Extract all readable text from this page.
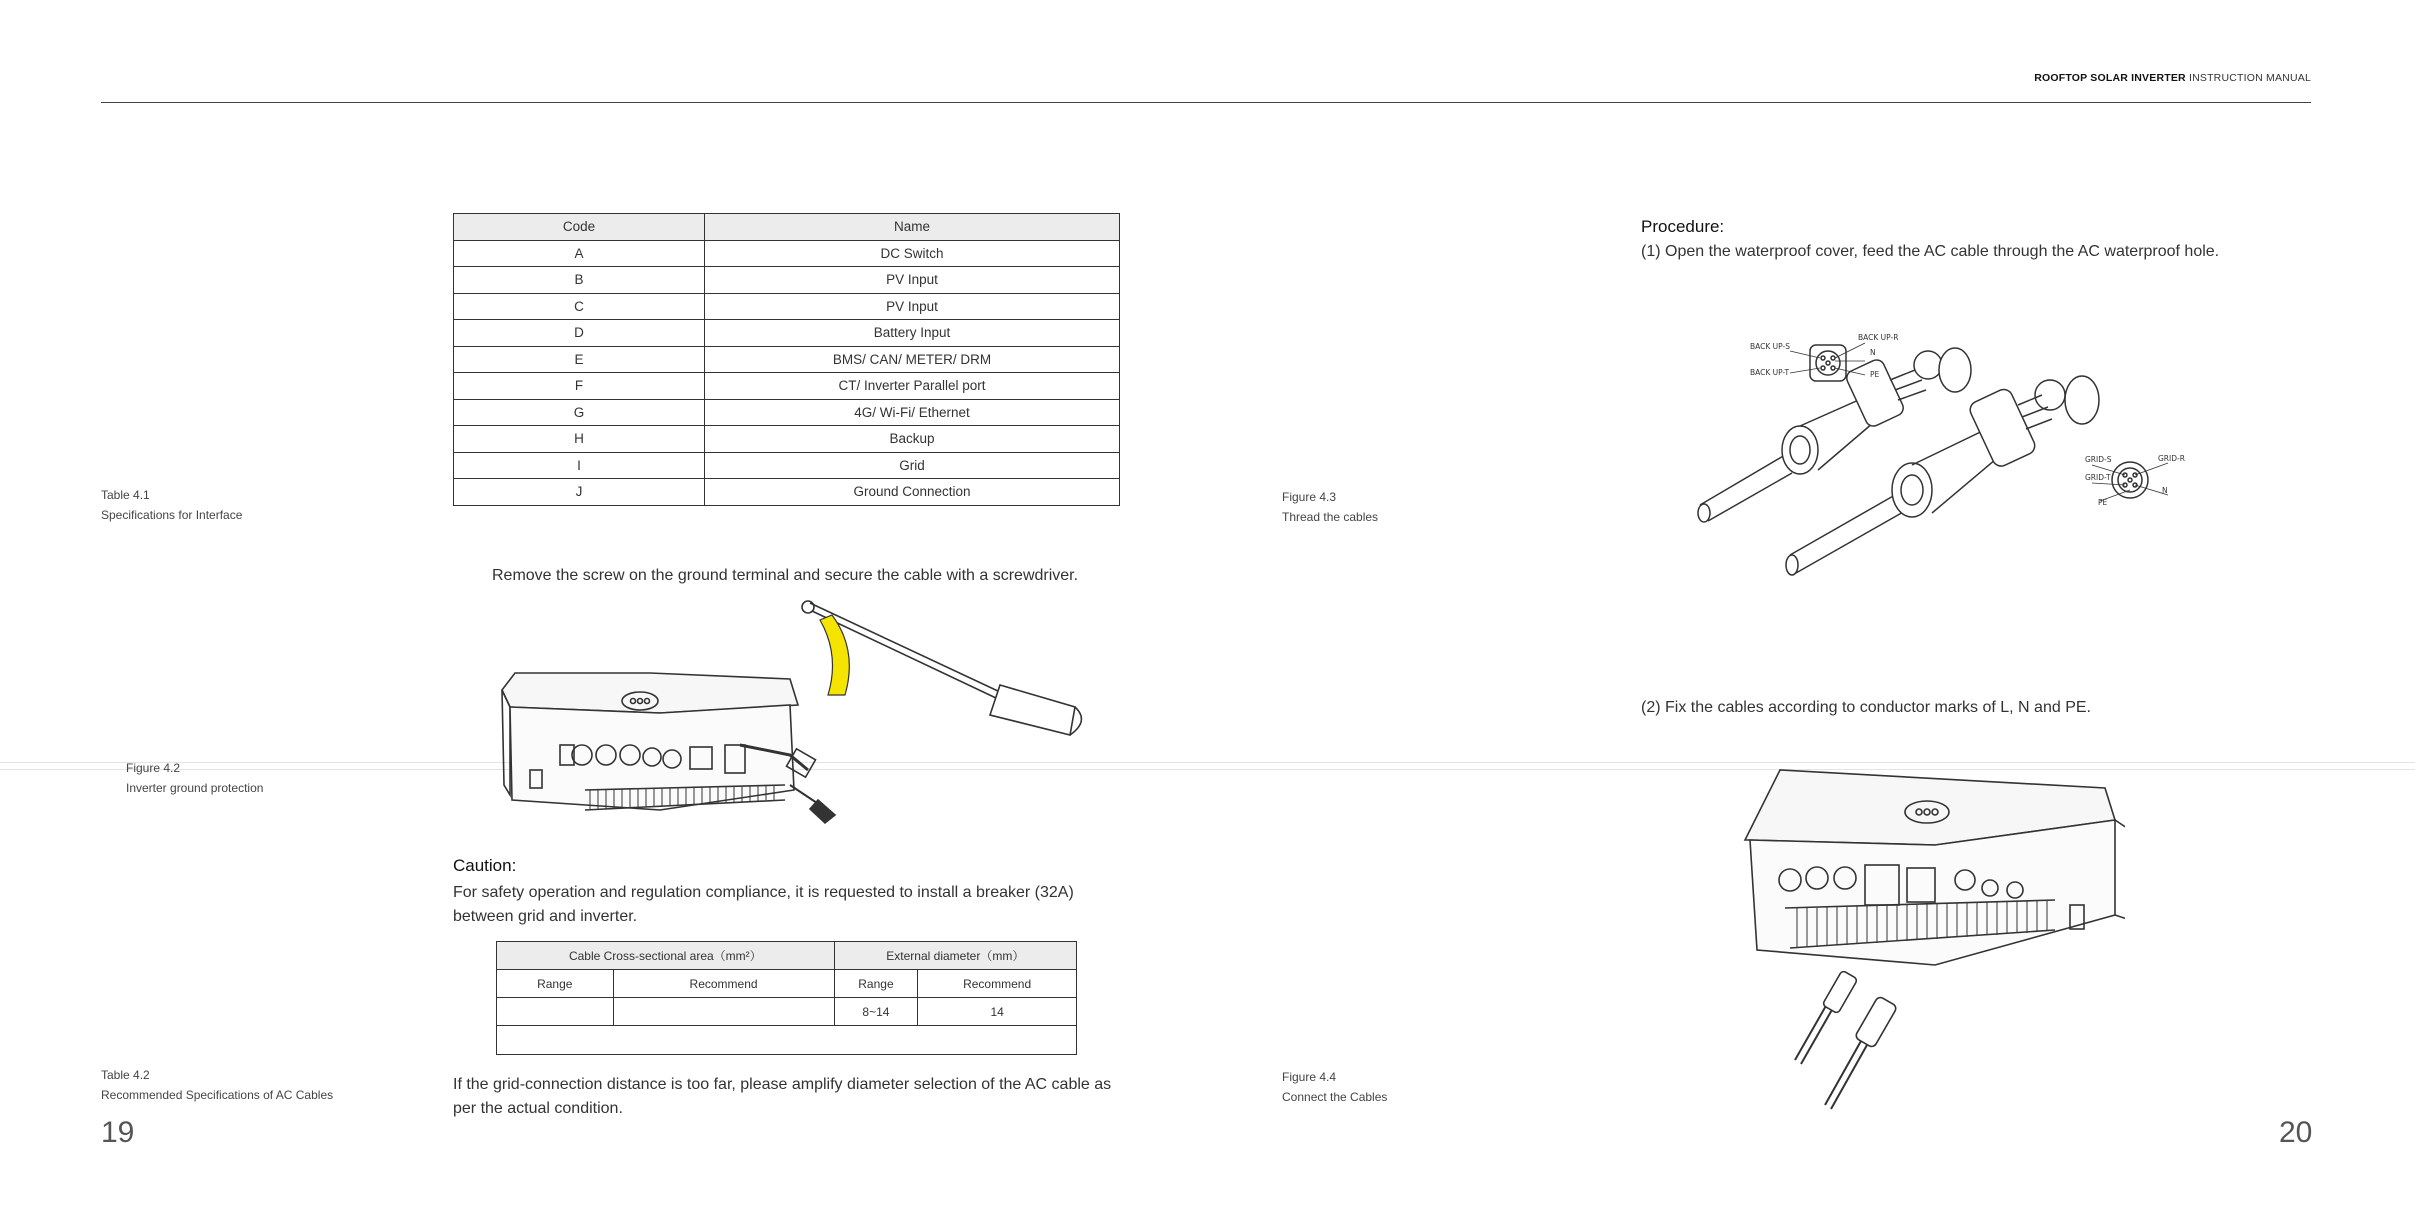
ROOFTOP SOLAR INVERTER INSTRUCTION MANUAL
Table 4.1
Specifications for Interface
Code	Name
A	DC Switch
B	PV Input
C	PV Input
D	Battery Input
E	BMS/ CAN/ METER/ DRM
F	CT/ Inverter Parallel port
G	4G/ Wi-Fi/ Ethernet
H	Backup
I	Grid
J	Ground Connection
Remove the screw on the ground terminal and secure the cable with a screwdriver.
Figure 4.2
Inverter ground protection
Caution:
For safety operation and regulation compliance, it is requested to install a breaker (32A) between grid and inverter.
Table 4.2
Recommended Specifications of AC Cables
Cable Cross-sectional area（mm²）		External diameter（mm）	
Range	Recommend	Range	Recommend
		8~14	14

If the grid-connection distance is too far, please amplify diameter selection of the AC cable as per the actual condition.
19
Procedure:
(1) Open the waterproof cover, feed the AC cable through the AC waterproof hole.
Figure 4.3
Thread the cables
BACK UP-S
BACK UP-R
N
BACK UP-T	PE
GRID-S	GRID-R
GRID-T
N
PE
(2) Fix the cables according to conductor marks of L, N and PE.
Figure 4.4
Connect the Cables
20
